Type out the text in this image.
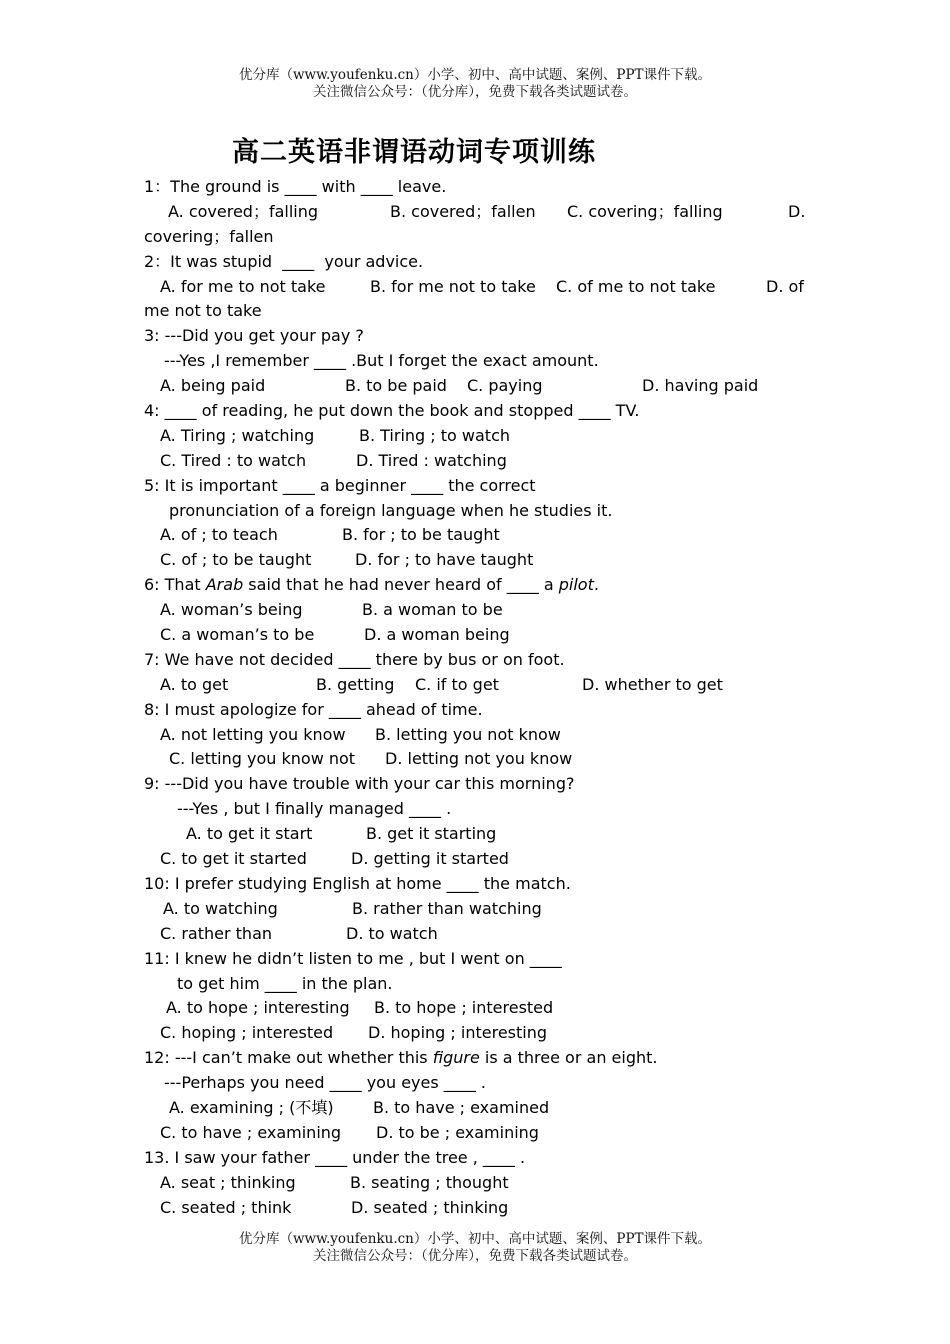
优分库（www.youfenku.cn）小学、初中、高中试题、案例、PPT课件下载。
关注微信公众号：（优分库），免费下载各类试题试卷。
高二英语非谓语动词专项训练
1：The ground is ____ with ____ leave.
A. covered；falling	B. covered；fallen C. covering；falling	D.
covering；fallen
2：It was stupid  ____  your advice.
A. for me to not take	B. for me not to take C. of me to not take	D. of
me not to take
3: ---Did you get your pay ?
---Yes ,I remember ____ .But I forget the exact amount.
A. being paid	B. to be paid C. paying	D. having paid
4: ____ of reading, he put down the book and stopped ____ TV.
A. Tiring ; watching	B. Tiring ; to watch
C. Tired : to watch	D. Tired : watching
5: It is important ____ a beginner ____ the correct
pronunciation of a foreign language when he studies it.
A. of ; to teach	B. for ; to be taught
C. of ; to be taught	D. for ; to have taught
6: That Arab said that he had never heard of ____ a pilot.
A. woman’s being	B. a woman to be
C. a woman’s to be	D. a woman being
7: We have not decided ____ there by bus or on foot.
A. to get	B. getting C. if to get	D. whether to get
8: I must apologize for ____ ahead of time.
A. not letting you know B. letting you not know
C. letting you know not D. letting not you know
9: ---Did you have trouble with your car this morning?
---Yes , but I finally managed ____ .
A. to get it start	B. get it starting
C. to get it started	D. getting it started
10: I prefer studying English at home ____ the match.
A. to watching	B. rather than watching
C. rather than	D. to watch
11: I knew he didn’t listen to me , but I went on ____
to get him ____ in the plan.
A. to hope ; interesting B. to hope ; interested
C. hoping ; interested D. hoping ; interesting
12: ---I can’t make out whether this figure is a three or an eight.
---Perhaps you need ____ you eyes ____ .
A. examining ; (不填) B. to have ; examined
C. to have ; examining D. to be ; examining
13. I saw your father ____ under the tree , ____ .
A. seat ; thinking	B. seating ; thought
C. seated ; think	D. seated ; thinking
优分库（www.youfenku.cn）小学、初中、高中试题、案例、PPT课件下载。
关注微信公众号：（优分库），免费下载各类试题试卷。
